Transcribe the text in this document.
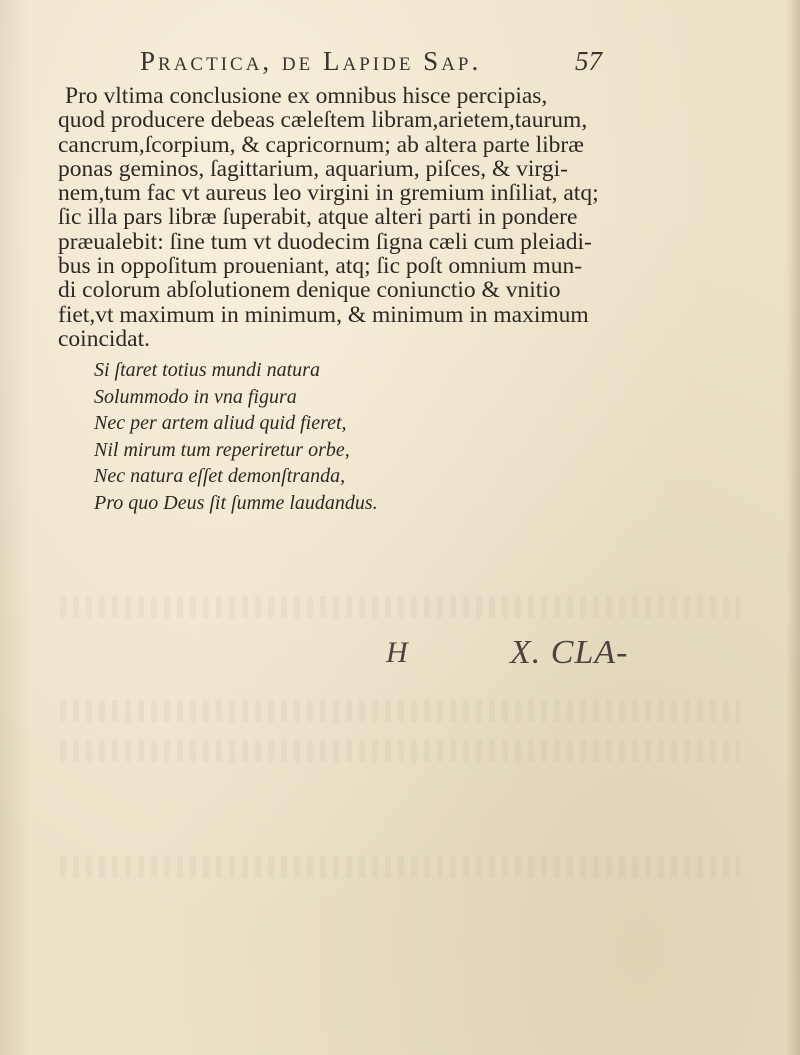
Practica, de Lapide Sap.	57
Pro vltima conclusione ex omnibus hisce percipias,
quod producere debeas cæleſtem libram,arietem,taurum,
cancrum,ſcorpium, & capricornum; ab altera parte libræ
ponas geminos, ſagittarium, aquarium, piſces, & virgi-
nem,tum fac vt aureus leo virgini in gremium inſiliat, atq;
ſic illa pars libræ ſuperabit, atque alteri parti in pondere
præualebit: ſine tum vt duodecim ſigna cæli cum pleiadi-
bus in oppoſitum proueniant, atq; ſic poſt omnium mun-
di colorum abſolutionem denique coniunctio & vnitio
fiet,vt maximum in minimum, & minimum in maximum
coincidat.
Si ſtaret totius mundi natura
Solummodo in vna figura
Nec per artem aliud quid fieret,
Nil mirum tum reperiretur orbe,
Nec natura eſſet demonſtranda,
Pro quo Deus ſit ſumme laudandus.
H	X. CLA-
